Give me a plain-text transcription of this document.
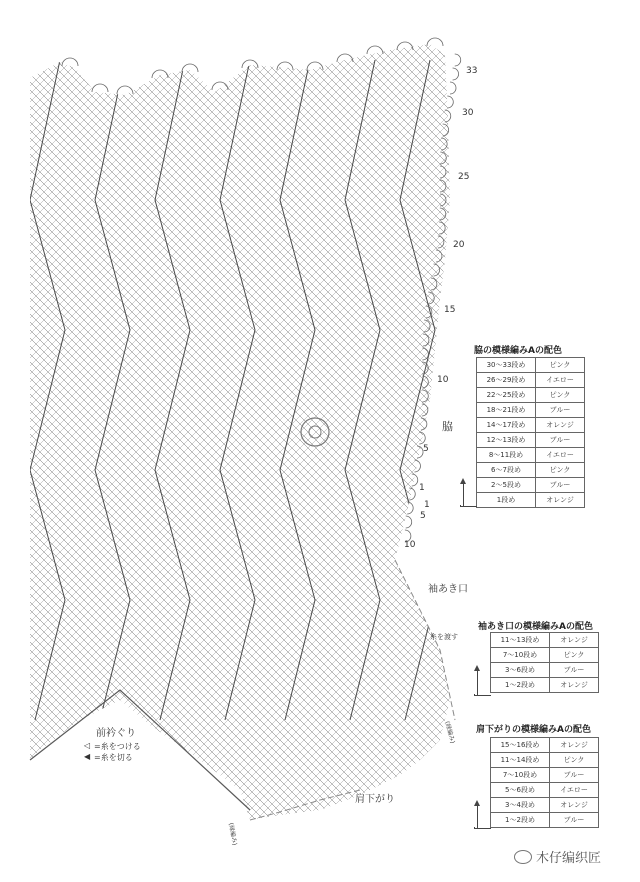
33
30
25
20
15
10
5
1
1
5
10
脇
袖あき口
糸を渡す
前衿ぐり
肩下がり
(縁編み)
(縁編み)
◁ =糸をつける
◀ =糸を切る
脇の模様編みAの配色
30〜33段め	ピンク
26〜29段め	イエロー
22〜25段め	ピンク
18〜21段め	ブルー
14〜17段め	オレンジ
12〜13段め	ブルー
8〜11段め	イエロー
6〜7段め	ピンク
2〜5段め	ブルー
1段め	オレンジ
袖あき口の模様編みAの配色
11〜13段め	オレンジ
7〜10段め	ピンク
3〜6段め	ブルー
1〜2段め	オレンジ
肩下がりの模様編みAの配色
15〜16段め	オレンジ
11〜14段め	ピンク
7〜10段め	ブルー
5〜6段め	イエロー
3〜4段め	オレンジ
1〜2段め	ブルー
木仔编织匠
